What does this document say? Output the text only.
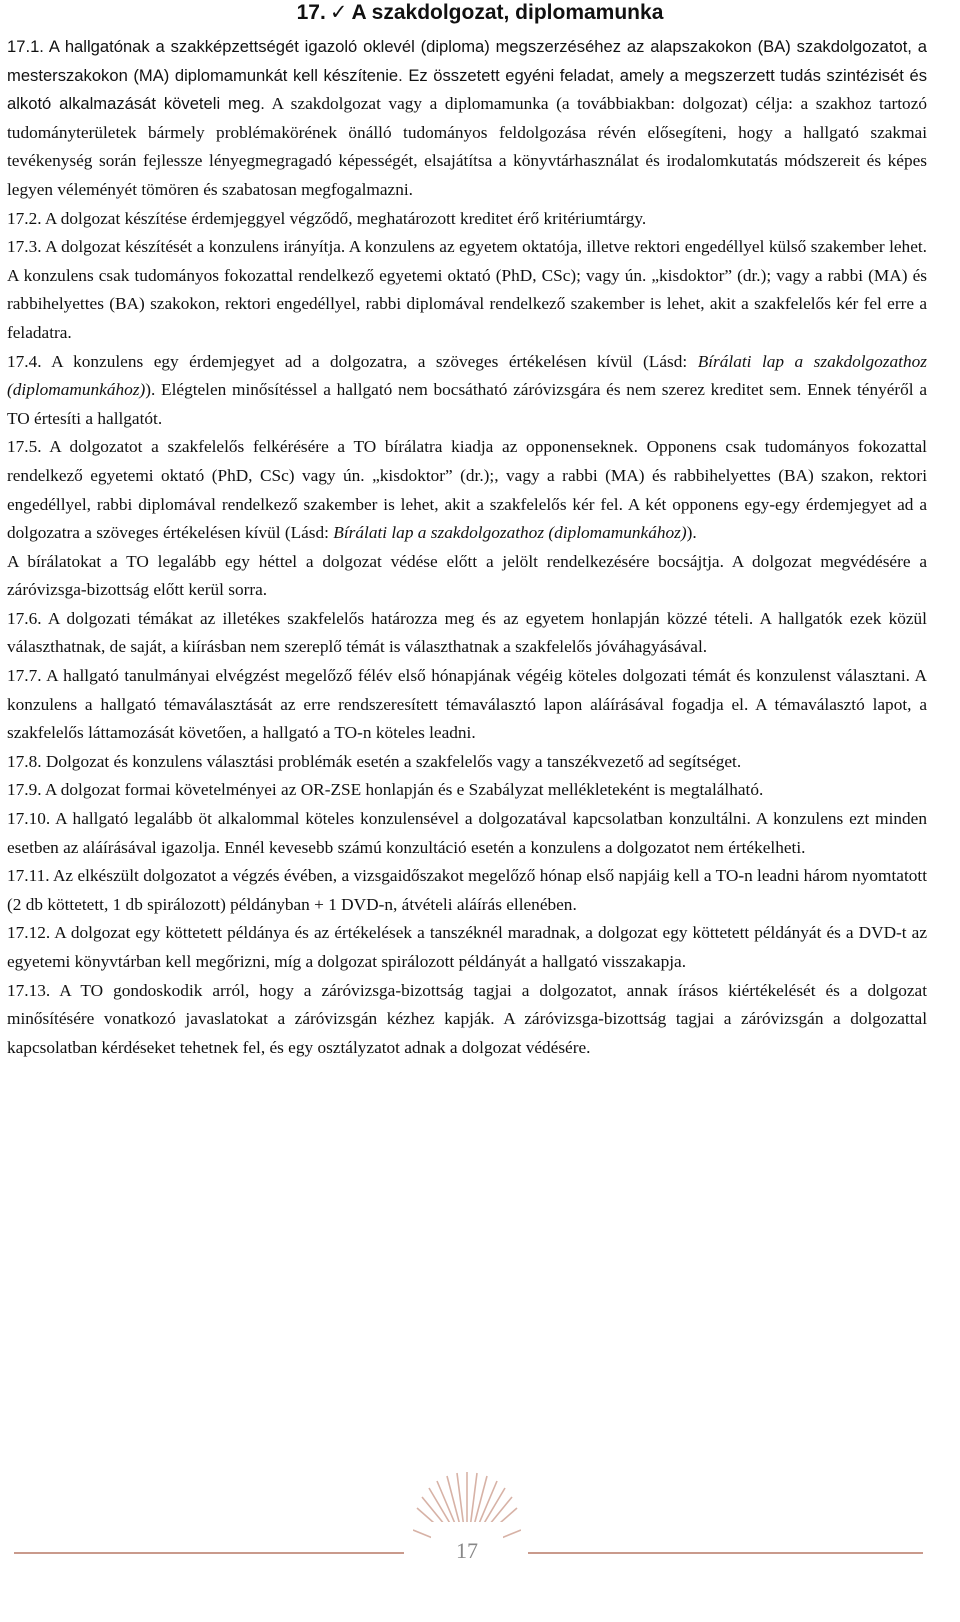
17. ✓ A szakdolgozat, diplomamunka

17.1. A hallgatónak a szakképzettségét igazoló oklevél (diploma) megszerzéséhez az alapszakokon (BA) szakdolgozatot, a mesterszakokon (MA) diplomamunkát kell készítenie. Ez összetett egyéni feladat, amely a megszerzett tudás szintézisét és alkotó alkalmazását követeli meg. A szakdolgozat vagy a diplomamunka (a továbbiakban: dolgozat) célja: a szakhoz tartozó tudományterületek bármely problémakörének önálló tudományos feldolgozása révén elősegíteni, hogy a hallgató szakmai tevékenység során fejlessze lényegmegragadó képességét, elsajátítsa a könyvtárhasználat és irodalomkutatás módszereit és képes legyen véleményét tömören és szabatosan megfogalmazni.

17.2. A dolgozat készítése érdemjeggyel végződő, meghatározott kreditet érő kritériumtárgy.

17.3. A dolgozat készítését a konzulens irányítja. A konzulens az egyetem oktatója, illetve rektori engedéllyel külső szakember lehet. A konzulens csak tudományos fokozattal rendelkező egyetemi oktató (PhD, CSc); vagy ún. „kisdoktor” (dr.); vagy a rabbi (MA) és rabbihelyettes (BA) szakokon, rektori engedéllyel, rabbi diplomával rendelkező szakember is lehet, akit a szakfelelős kér fel erre a feladatra.

17.4. A konzulens egy érdemjegyet ad a dolgozatra, a szöveges értékelésen kívül (Lásd: Bírálati lap a szakdolgozathoz (diplomamunkához)). Elégtelen minősítéssel a hallgató nem bocsátható záróvizsgára és nem szerez kreditet sem. Ennek tényéről a TO értesíti a hallgatót.

17.5. A dolgozatot a szakfelelős felkérésére a TO bírálatra kiadja az opponenseknek. Opponens csak tudományos fokozattal rendelkező egyetemi oktató (PhD, CSc) vagy ún. „kisdoktor” (dr.);, vagy a rabbi (MA) és rabbihelyettes (BA) szakon, rektori engedéllyel, rabbi diplomával rendelkező szakember is lehet, akit a szakfelelős kér fel. A két opponens egy-egy érdemjegyet ad a dolgozatra a szöveges értékelésen kívül (Lásd: Bírálati lap a szakdolgozathoz (diplomamunkához)).

A bírálatokat a TO legalább egy héttel a dolgozat védése előtt a jelölt rendelkezésére bocsájtja. A dolgozat megvédésére a záróvizsga-bizottság előtt kerül sorra.

17.6. A dolgozati témákat az illetékes szakfelelős határozza meg és az egyetem honlapján közzé tételi. A hallgatók ezek közül választhatnak, de saját, a kiírásban nem szereplő témát is választhatnak a szakfelelős jóváhagyásával.

17.7. A hallgató tanulmányai elvégzést megelőző félév első hónapjának végéig köteles dolgozati témát és konzulenst választani. A konzulens a hallgató témaválasztását az erre rendszeresített témaválasztó lapon aláírásával fogadja el. A témaválasztó lapot, a szakfelelős láttamozását követően, a hallgató a TO-n köteles leadni.

17.8. Dolgozat és konzulens választási problémák esetén a szakfelelős vagy a tanszékvezető ad segítséget.

17.9. A dolgozat formai követelményei az OR-ZSE honlapján és e Szabályzat mellékleteként is megtalálható.

17.10. A hallgató legalább öt alkalommal köteles konzulensével a dolgozatával kapcsolatban konzultálni. A konzulens ezt minden esetben az aláírásával igazolja. Ennél kevesebb számú konzultáció esetén a konzulens a dolgozatot nem értékelheti.

17.11. Az elkészült dolgozatot a végzés évében, a vizsgaidőszakot megelőző hónap első napjáig kell a TO-n leadni három nyomtatott (2 db köttetett, 1 db spirálozott) példányban + 1 DVD-n, átvételi aláírás ellenében.

17.12. A dolgozat egy köttetett példánya és az értékelések a tanszéknél maradnak, a dolgozat egy köttetett példányát és a DVD-t az egyetemi könyvtárban kell megőrizni, míg a dolgozat spirálozott példányát a hallgató visszakapja.

17.13. A TO gondoskodik arról, hogy a záróvizsga-bizottság tagjai a dolgozatot, annak írásos kiértékelését és a dolgozat minősítésére vonatkozó javaslatokat a záróvizsgán kézhez kapják. A záróvizsga-bizottság tagjai a záróvizsgán a dolgozattal kapcsolatban kérdéseket tehetnek fel, és egy osztályzatot adnak a dolgozat védésére.

17
